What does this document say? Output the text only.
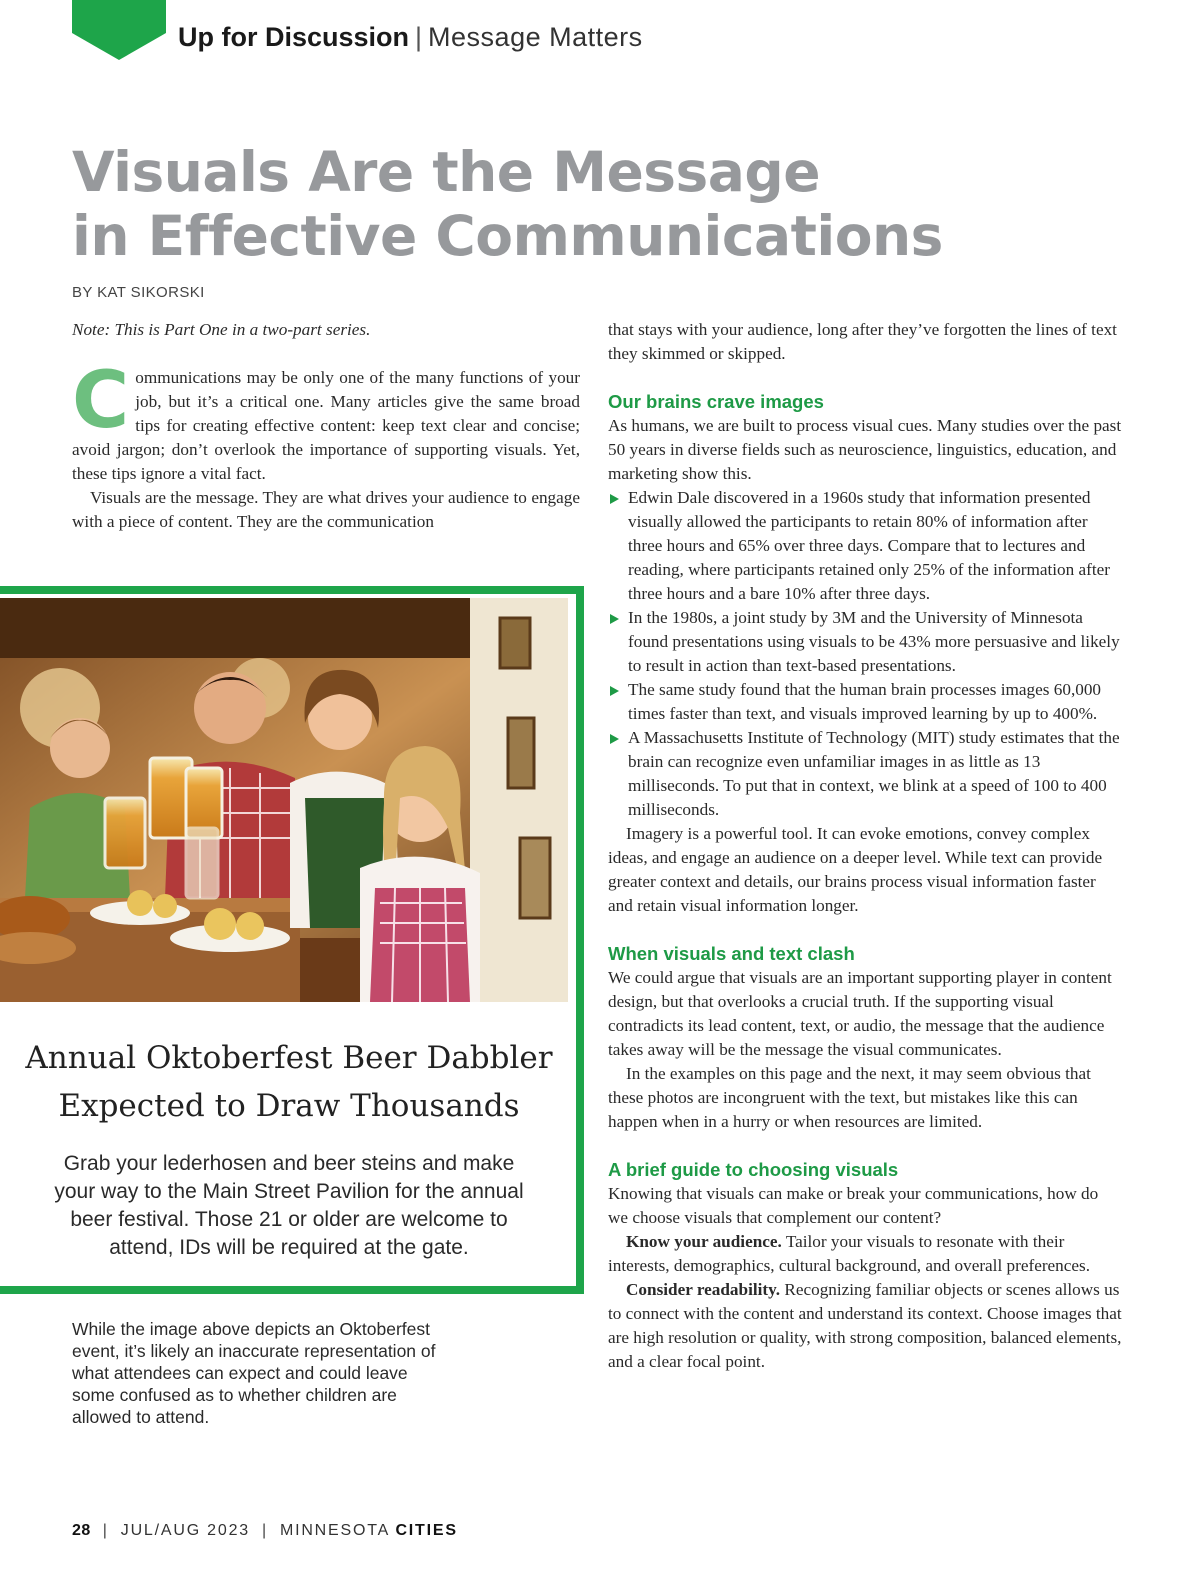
Up for Discussion | Message Matters
Visuals Are the Message
in Effective Communications
BY KAT SIKORSKI

Note: This is Part One in a two-part series.

Communications may be only one of the many functions of your job, but it’s a critical one. Many articles give the same broad tips for creating effective content: keep text clear and concise; avoid jargon; don’t overlook the importance of supporting visuals. Yet, these tips ignore a vital fact.

Visuals are the message. They are what drives your audience to engage with a piece of content. They are the communication

Annual Oktoberfest Beer Dabbler
Expected to Draw Thousands

Grab your lederhosen and beer steins and make your way to the Main Street Pavilion for the annual beer festival. Those 21 or older are welcome to attend, IDs will be required at the gate.

While the image above depicts an Oktoberfest event, it’s likely an inaccurate representation of what attendees can expect and could leave some confused as to whether children are allowed to attend.

that stays with your audience, long after they’ve forgotten the lines of text they skimmed or skipped.

Our brains crave images

As humans, we are built to process visual cues. Many studies over the past 50 years in diverse fields such as neuroscience, linguistics, education, and marketing show this.

Edwin Dale discovered in a 1960s study that information presented visually allowed the participants to retain 80% of information after three hours and 65% over three days. Compare that to lectures and reading, where participants retained only 25% of the information after three hours and a bare 10% after three days.
In the 1980s, a joint study by 3M and the University of Minnesota found presentations using visuals to be 43% more persuasive and likely to result in action than text-based presentations.
The same study found that the human brain processes images 60,000 times faster than text, and visuals improved learning by up to 400%.
A Massachusetts Institute of Technology (MIT) study estimates that the brain can recognize even unfamiliar images in as little as 13 milliseconds. To put that in context, we blink at a speed of 100 to 400 milliseconds.

Imagery is a powerful tool. It can evoke emotions, convey complex ideas, and engage an audience on a deeper level. While text can provide greater context and details, our brains process visual information faster and retain visual information longer.

When visuals and text clash

We could argue that visuals are an important supporting player in content design, but that overlooks a crucial truth. If the supporting visual contradicts its lead content, text, or audio, the message that the audience takes away will be the message the visual communicates.

In the examples on this page and the next, it may seem obvious that these photos are incongruent with the text, but mistakes like this can happen when in a hurry or when resources are limited.

A brief guide to choosing visuals

Knowing that visuals can make or break your communications, how do we choose visuals that complement our content?

Know your audience. Tailor your visuals to resonate with their interests, demographics, cultural background, and overall preferences.

Consider readability. Recognizing familiar objects or scenes allows us to connect with the content and understand its context. Choose images that are high resolution or quality, with strong composition, balanced elements, and a clear focal point.

28 | JUL/AUG 2023 | MINNESOTA CITIES
